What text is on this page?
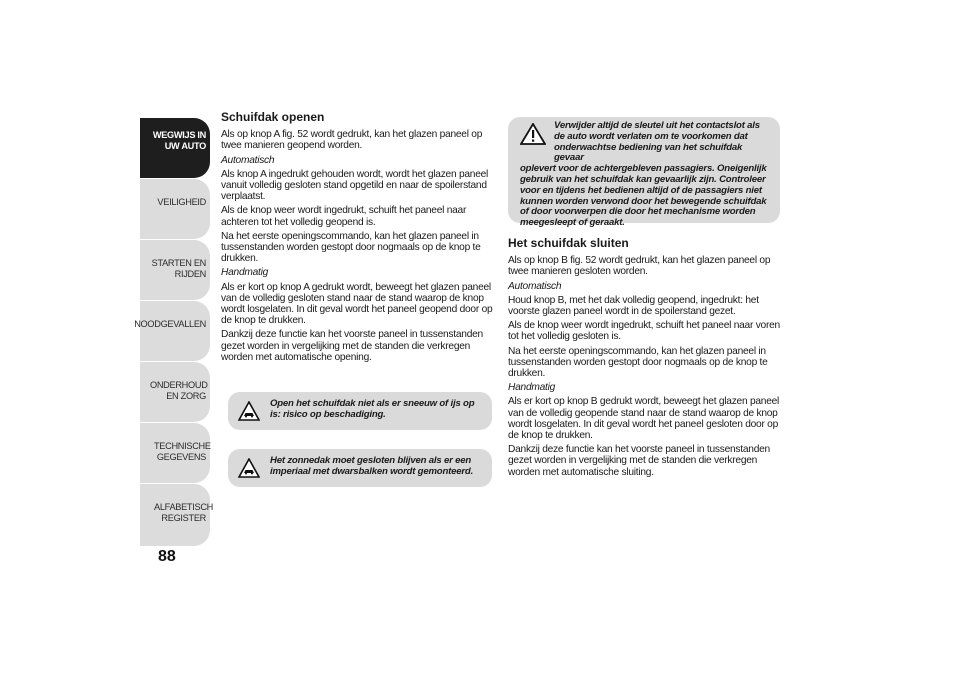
WEGWIJS IN UW AUTO
VEILIGHEID
STARTEN EN RIJDEN
NOODGEVALLEN
ONDERHOUD EN ZORG
TECHNISCHE GEGEVENS
ALFABETISCH REGISTER
88
Schuifdak openen

Als op knop A fig. 52 wordt gedrukt, kan het glazen paneel op twee manieren geopend worden.

Automatisch

Als knop A ingedrukt gehouden wordt, wordt het glazen paneel vanuit volledig gesloten stand opgetild en naar de spoilerstand verplaatst.

Als de knop weer wordt ingedrukt, schuift het paneel naar achteren tot het volledig geopend is.

Na het eerste openingscommando, kan het glazen paneel in tussenstanden worden gestopt door nogmaals op de knop te drukken.

Handmatig

Als er kort op knop A gedrukt wordt, beweegt het glazen paneel van de volledig gesloten stand naar de stand waarop de knop wordt losgelaten. In dit geval wordt het paneel geopend door op de knop te drukken.

Dankzij deze functie kan het voorste paneel in tussenstanden gezet worden in vergelijking met de standen die verkregen worden met automatische opening.

Open het schuifdak niet als er sneeuw of ijs op is: risico op beschadiging.
Het zonnedak moet gesloten blijven als er een imperiaal met dwarsbalken wordt gemonteerd.
Verwijder altijd de sleutel uit het contactslot als de auto wordt verlaten om te voorkomen dat onderwachtse bediening van het schuifdak gevaar
oplevert voor de achtergebleven passagiers. Oneigenlijk gebruik van het schuifdak kan gevaarlijk zijn. Controleer voor en tijdens het bedienen altijd of de passagiers niet kunnen worden verwond door het bewegende schuifdak of door voorwerpen die door het mechanisme worden meegesleept of geraakt.
Het schuifdak sluiten

Als op knop B fig. 52 wordt gedrukt, kan het glazen paneel op twee manieren gesloten worden.

Automatisch

Houd knop B, met het dak volledig geopend, ingedrukt: het voorste glazen paneel wordt in de spoilerstand gezet.

Als de knop weer wordt ingedrukt, schuift het paneel naar voren tot het volledig gesloten is.

Na het eerste openingscommando, kan het glazen paneel in tussenstanden worden gestopt door nogmaals op de knop te drukken.

Handmatig

Als er kort op knop B gedrukt wordt, beweegt het glazen paneel van de volledig geopende stand naar de stand waarop de knop wordt losgelaten. In dit geval wordt het paneel gesloten door op de knop te drukken.

Dankzij deze functie kan het voorste paneel in tussenstanden gezet worden in vergelijking met de standen die verkregen worden met automatische sluiting.
